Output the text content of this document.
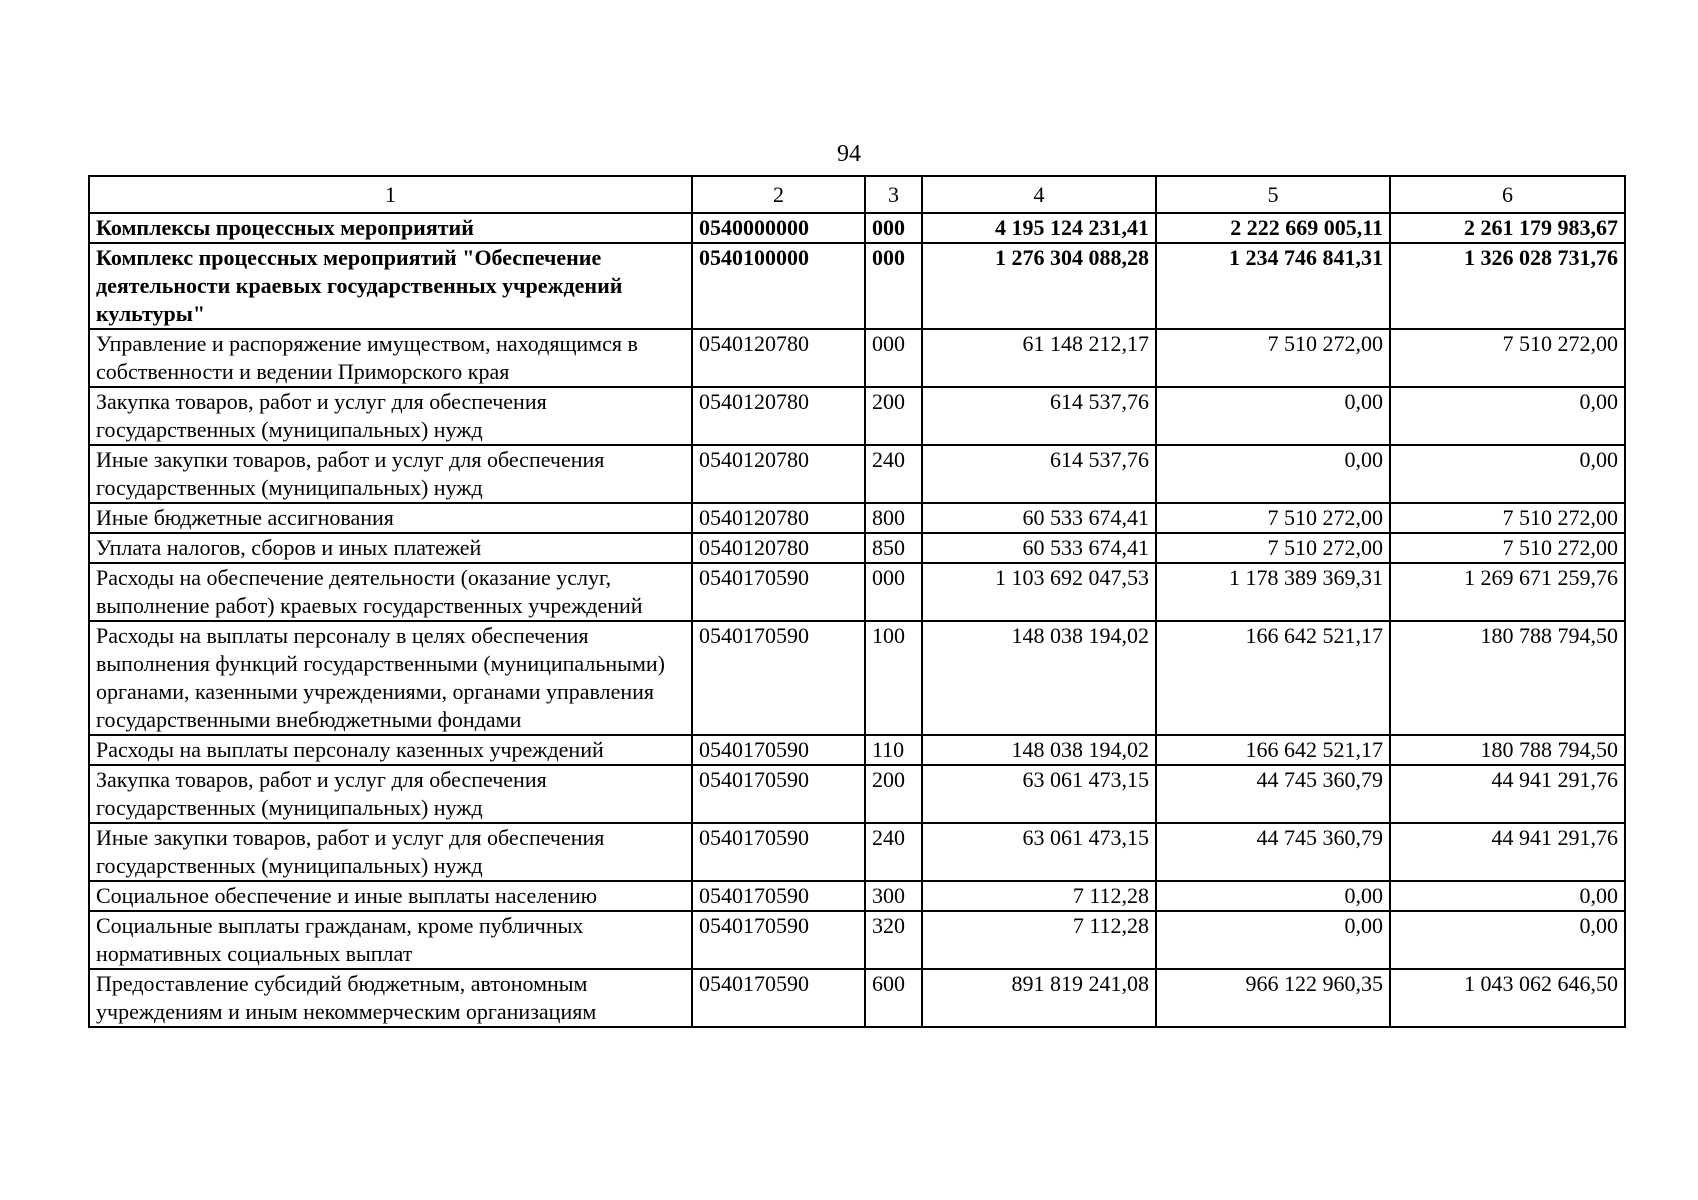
94
1	2	3	4	5	6
Комплексы процессных мероприятий	0540000000	000	4 195 124 231,41	2 222 669 005,11	2 261 179 983,67
Комплекс процессных мероприятий "Обеспечение деятельности краевых государственных учреждений культуры"	0540100000	000	1 276 304 088,28	1 234 746 841,31	1 326 028 731,76
Управление и распоряжение имуществом, находящимся в собственности и ведении Приморского края	0540120780	000	61 148 212,17	7 510 272,00	7 510 272,00
Закупка товаров, работ и услуг для обеспечения государственных (муниципальных) нужд	0540120780	200	614 537,76	0,00	0,00
Иные закупки товаров, работ и услуг для обеспечения государственных (муниципальных) нужд	0540120780	240	614 537,76	0,00	0,00
Иные бюджетные ассигнования	0540120780	800	60 533 674,41	7 510 272,00	7 510 272,00
Уплата налогов, сборов и иных платежей	0540120780	850	60 533 674,41	7 510 272,00	7 510 272,00
Расходы на обеспечение деятельности (оказание услуг, выполнение работ) краевых государственных учреждений	0540170590	000	1 103 692 047,53	1 178 389 369,31	1 269 671 259,76
Расходы на выплаты персоналу в целях обеспечения выполнения функций государственными (муниципальными) органами, казенными учреждениями, органами управления государственными внебюджетными фондами	0540170590	100	148 038 194,02	166 642 521,17	180 788 794,50
Расходы на выплаты персоналу казенных учреждений	0540170590	110	148 038 194,02	166 642 521,17	180 788 794,50
Закупка товаров, работ и услуг для обеспечения государственных (муниципальных) нужд	0540170590	200	63 061 473,15	44 745 360,79	44 941 291,76
Иные закупки товаров, работ и услуг для обеспечения государственных (муниципальных) нужд	0540170590	240	63 061 473,15	44 745 360,79	44 941 291,76
Социальное обеспечение и иные выплаты населению	0540170590	300	7 112,28	0,00	0,00
Социальные выплаты гражданам, кроме публичных нормативных социальных выплат	0540170590	320	7 112,28	0,00	0,00
Предоставление субсидий бюджетным, автономным учреждениям и иным некоммерческим организациям	0540170590	600	891 819 241,08	966 122 960,35	1 043 062 646,50
